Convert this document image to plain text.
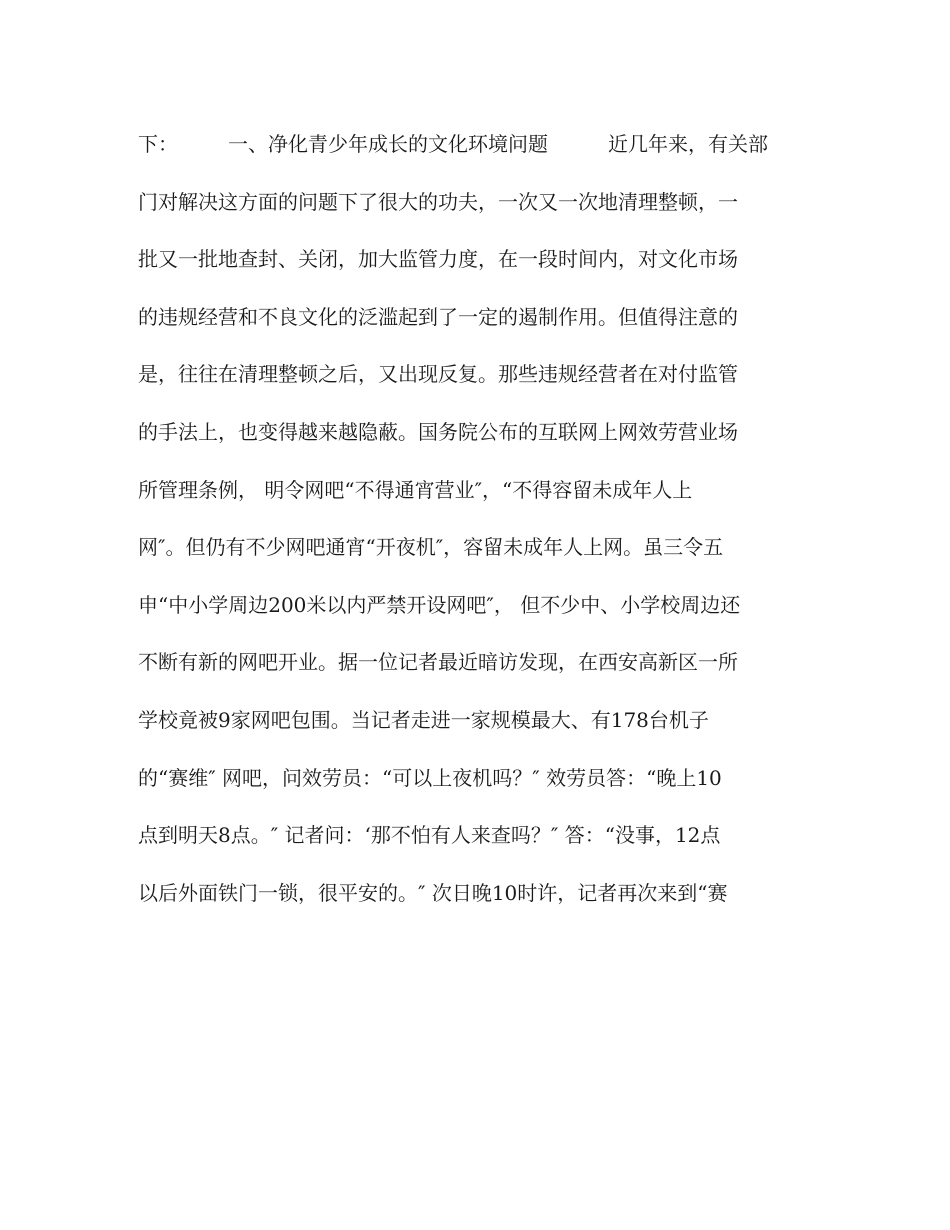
下：　　　一、净化青少年成长的文化环境问题　　　近几年来，有关部
门对解决这方面的问题下了很大的功夫，一次又一次地清理整顿，一
批又一批地查封、关闭，加大监管力度，在一段时间内，对文化市场
的违规经营和不良文化的泛滥起到了一定的遏制作用。但值得注意的
是，往往在清理整顿之后，又出现反复。那些违规经营者在对付监管
的手法上，也变得越来越隐蔽。国务院公布的互联网上网效劳营业场
所管理条例， 明令网吧“不得通宵营业″，“不得容留未成年人上
网″。但仍有不少网吧通宵“开夜机″，容留未成年人上网。虽三令五
申“中小学周边200米以内严禁开设网吧″， 但不少中、小学校周边还
不断有新的网吧开业。据一位记者最近暗访发现，在西安高新区一所
学校竟被9家网吧包围。当记者走进一家规模最大、有178台机子
的“赛维″ 网吧，问效劳员：“可以上夜机吗？″ 效劳员答：“晚上10
点到明天8点。″ 记者问：‘那不怕有人来查吗？″ 答：“没事，12点
以后外面铁门一锁，很平安的。″ 次日晚10时许，记者再次来到“赛
